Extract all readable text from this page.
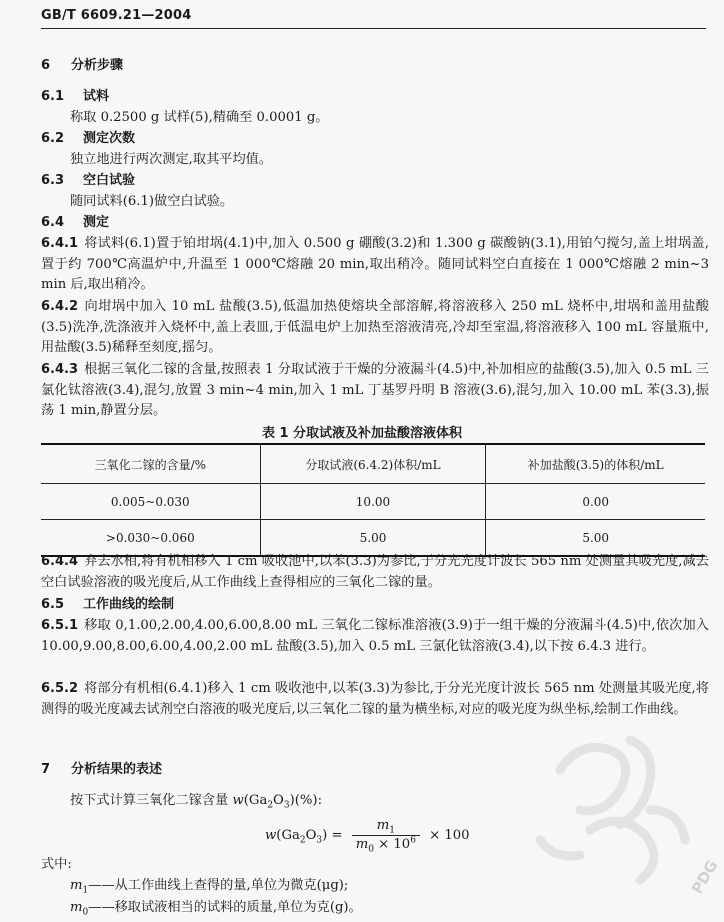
GB/T 6609.21—2004
6 分析步骤
6.1 试料
称取 0.2500 g 试样(5),精确至 0.0001 g。
6.2 测定次数
独立地进行两次测定,取其平均值。
6.3 空白试验
随同试料(6.1)做空白试验。
6.4 测定
6.4.1 将试料(6.1)置于铂坩埚(4.1)中,加入 0.500 g 硼酸(3.2)和 1.300 g 碳酸钠(3.1),用铂勺搅匀,盖上坩埚盖,置于约 700℃高温炉中,升温至 1 000℃熔融 20 min,取出稍冷。随同试料空白直接在 1 000℃熔融 2 min~3 min 后,取出稍冷。
6.4.2 向坩埚中加入 10 mL 盐酸(3.5),低温加热使熔块全部溶解,将溶液移入 250 mL 烧杯中,坩埚和盖用盐酸(3.5)洗净,洗涤液并入烧杯中,盖上表皿,于低温电炉上加热至溶液清亮,冷却至室温,将溶液移入 100 mL 容量瓶中,用盐酸(3.5)稀释至刻度,摇匀。
6.4.3 根据三氧化二镓的含量,按照表 1 分取试液于干燥的分液漏斗(4.5)中,补加相应的盐酸(3.5),加入 0.5 mL 三氯化钛溶液(3.4),混匀,放置 3 min~4 min,加入 1 mL 丁基罗丹明 B 溶液(3.6),混匀,加入 10.00 mL 苯(3.3),振荡 1 min,静置分层。
表 1 分取试液及补加盐酸溶液体积
三氧化二镓的含量/%	分取试液(6.4.2)体积/mL	补加盐酸(3.5)的体积/mL
0.005~0.030	10.00	0.00
>0.030~0.060	5.00	5.00
6.4.4 弃去水相,将有机相移入 1 cm 吸收池中,以苯(3.3)为参比,于分光光度计波长 565 nm 处测量其吸光度,减去空白试验溶液的吸光度后,从工作曲线上查得相应的三氧化二镓的量。
6.5 工作曲线的绘制
6.5.1 移取 0,1.00,2.00,4.00,6.00,8.00 mL 三氧化二镓标准溶液(3.9)于一组干燥的分液漏斗(4.5)中,依次加入 10.00,9.00,8.00,6.00,4.00,2.00 mL 盐酸(3.5),加入 0.5 mL 三氯化钛溶液(3.4),以下按 6.4.3 进行。
6.5.2 将部分有机相(6.4.1)移入 1 cm 吸收池中,以苯(3.3)为参比,于分光光度计波长 565 nm 处测量其吸光度,将测得的吸光度减去试剂空白溶液的吸光度后,以三氧化二镓的量为横坐标,对应的吸光度为纵坐标,绘制工作曲线。
7 分析结果的表述
按下式计算三氧化二镓含量 $w(Ga_2O_3)(\%)$:
$w(Ga_2O_3) = \frac{m_1}{m_0 \times 10^6} \times 100$
式中:
$m_1——$从工作曲线上查得的量,单位为微克(μg);
$m_0——$移取试液相当的试料的质量,单位为克(g)。
PDG
